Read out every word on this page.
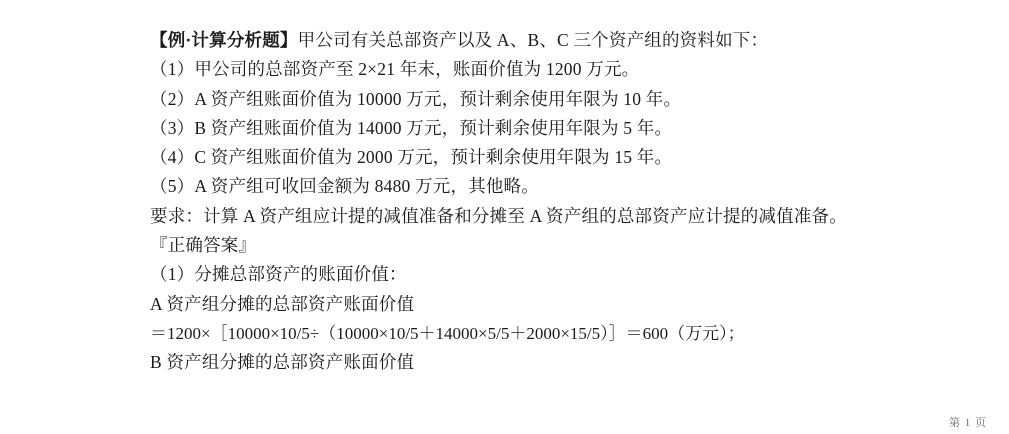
【例·计算分析题】甲公司有关总部资产以及 A、B、C 三个资产组的资料如下：
（1）甲公司的总部资产至 2×21 年末，账面价值为 1200 万元。
（2）A 资产组账面价值为 10000 万元，预计剩余使用年限为 10 年。
（3）B 资产组账面价值为 14000 万元，预计剩余使用年限为 5 年。
（4）C 资产组账面价值为 2000 万元，预计剩余使用年限为 15 年。
（5）A 资产组可收回金额为 8480 万元，其他略。
要求：计算 A 资产组应计提的减值准备和分摊至 A 资产组的总部资产应计提的减值准备。
『正确答案』
（1）分摊总部资产的账面价值：
A 资产组分摊的总部资产账面价值
＝1200×［10000×10/5÷（10000×10/5＋14000×5/5＋2000×15/5）］＝600（万元）；
B 资产组分摊的总部资产账面价值
第 1 页
